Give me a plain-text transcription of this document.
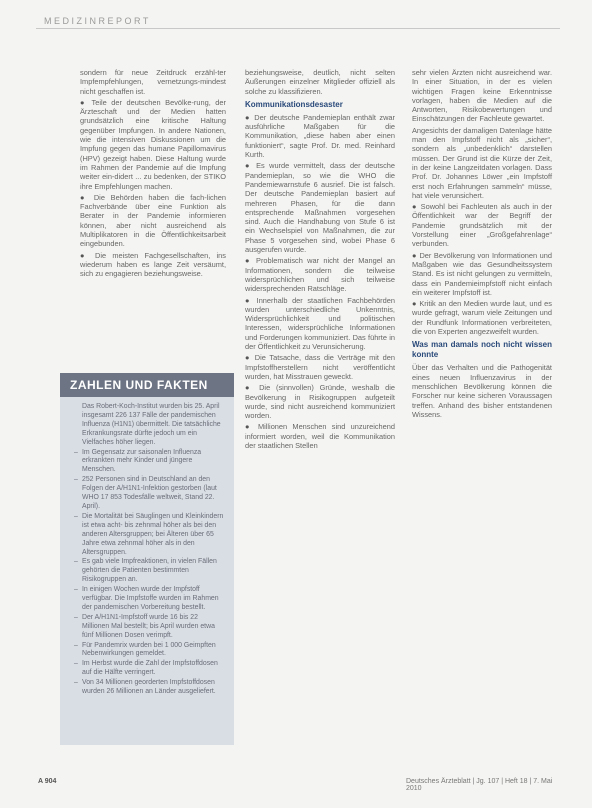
MEDIZINREPORT

sondern für neue Zeitdruck erzähl-ter Impfempfehlungen, vernetzungs-mindest nicht geschaffen ist.

● Teile der deutschen Bevölke-rung, der Ärzteschaft und der Medien hatten grundsätzlich eine kritische Haltung gegenüber Impfungen. In andere Nationen, wie die intensiven Diskussionen um die Impfung gegen das humane Papillomavirus (HPV) gezeigt haben. Diese Haltung wurde im Rahmen der Pandemie auf die Impfung weiter ein-didert ... zu bedenken, der STIKO ihre Empfehlungen machen.

● Die Behörden haben die fach-lichen Fachverbände über eine Funktion als Berater in der Pandemie informieren können, aber nicht ausreichend als Multiplikatoren in die Öffentlichkeitsarbeit eingebunden.

● Die meisten Fachgesellschaften, ins wiederum haben es lange Zeit versäumt, sich zu engagieren beziehungsweise.

beziehungsweise, deutlich, nicht selten Äußerungen einzelner Mitglieder offiziell als solche zu klassifizieren.

Kommunikationsdesaster

● Der deutsche Pandemieplan enthält zwar ausführliche Maßgaben für die Kommunikation, „diese haben aber einen funktioniert“, sagte Prof. Dr. med. Reinhard Kurth.

● Es wurde vermittelt, dass der deutsche Pandemieplan, so wie die WHO die Pandemiewarnstufe 6 ausrief. Die ist falsch. Der deutsche Pandemieplan basiert auf mehreren Phasen, für die dann entsprechende Maßnahmen vorgesehen sind. Auch die Handhabung von Stufe 6 ist ein Wechselspiel von Maßnahmen, die zur Phase 5 vorgesehen sind, wobei Phase 6 ausgerufen wurde.

● Problematisch war nicht der Mangel an Informationen, sondern die teilweise widersprüchlichen und sich teilweise widersprechenden Ratschläge.

● Innerhalb der staatlichen Fachbehörden wurden unterschiedliche Unkenntnis, Widersprüchlichkeit und politischen Interessen, widersprüchliche Informationen und Forderungen kommuniziert. Das führte in der Öffentlichkeit zu Verunsicherung.

● Die Tatsache, dass die Verträge mit den Impfstoffherstellern nicht veröffentlicht wurden, hat Misstrauen geweckt.

● Die (sinnvollen) Gründe, weshalb die Bevölkerung in Risikogruppen aufgeteilt wurde, sind nicht ausreichend kommuniziert worden.

● Millionen Menschen sind unzureichend informiert worden, weil die Kommunikation der staatlichen Stellen

sehr vielen Ärzten nicht ausreichend war. In einer Situation, in der es vielen wichtigen Fragen keine Erkenntnisse vorlagen, haben die Medien auf die Antworten, Risikobewertungen und Einschätzungen der Fachleute gewartet.

Angesichts der damaligen Datenlage hätte man den Impfstoff nicht als „sicher“, sondern als „unbedenklich“ darstellen müssen. Der Grund ist die Kürze der Zeit, in der keine Langzeitdaten vorlagen. Dass Prof. Dr. Johannes Löwer „ein Impfstoff erst noch Erfahrungen sammeln“ müsse, hat viele verunsichert.

● Sowohl bei Fachleuten als auch in der Öffentlichkeit war der Begriff der Pandemie grundsätzlich mit der Vorstellung einer „Großgefahrenlage“ verbunden.

● Der Bevölkerung von Informationen und Maßgaben wie das Gesundheitssystem Stand. Es ist nicht gelungen zu vermitteln, dass ein Pandemieimpfstoff nicht einfach ein weiterer Impfstoff ist.

● Kritik an den Medien wurde laut, und es wurde gefragt, warum viele Zeitungen und der Rundfunk Informationen verbreiteten, die von Experten angezweifelt wurden.

Was man damals noch nicht wissen konnte

Über das Verhalten und die Pathogenität eines neuen Influenzavirus in der menschlichen Bevölkerung können die Forscher nur keine sicheren Voraussagen treffen. Anhand des bisher entstandenen Wissens.

ZAHLEN UND FAKTEN

Das Robert-Koch-Institut wurden bis 25. April insgesamt 226 137 Fälle der pandemischen Influenza (H1N1) übermittelt. Die tatsächliche Erkrankungsrate dürfte jedoch um ein Vielfaches höher liegen.

– Im Gegensatz zur saisonalen Influenza erkrankten mehr Kinder und jüngere Menschen.

– 252 Personen sind in Deutschland an den Folgen der A/H1N1-Infektion gestorben (laut WHO 17 853 Todesfälle weltweit, Stand 22. April).

– Die Mortalität bei Säuglingen und Kleinkindern ist etwa acht- bis zehnmal höher als bei den anderen Altersgruppen; bei Älteren über 65 Jahre etwa zehnmal höher als in den Altersgruppen.

– Es gab viele Impfreaktionen, in vielen Fällen gehörten die Patienten bestimmten Risikogruppen an.

– In einigen Wochen wurde der Impfstoff verfügbar. Die Impfstoffe wurden im Rahmen der pandemischen Vorbereitung bestellt.

– Der A/H1N1-Impfstoff wurde 16 bis 22 Millionen Mal bestellt; bis April wurden etwa fünf Millionen Dosen verimpft.

– Für Pandemrix wurden bei 1 000 Geimpften Nebenwirkungen gemeldet.

– Im Herbst wurde die Zahl der Impfstoffdosen auf die Hälfte verringert.

– Von 34 Millionen georderten Impfstoffdosen wurden 26 Millionen an Länder ausgeliefert.

A 904	Deutsches Ärzteblatt | Jg. 107 | Heft 18 | 7. Mai 2010
